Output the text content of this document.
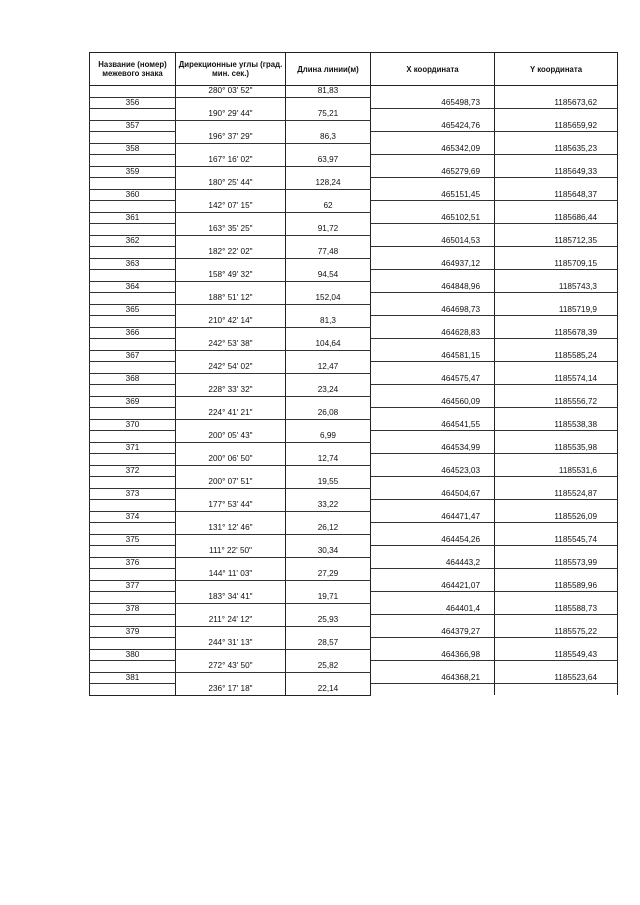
Название (номер) межевого знака	Дирекционные углы (град. мин. сек.)	Длина линии(м)	Х координата	Y координата
	280° 03' 52"	81,83		
356			465498,73	1185673,62
	190° 29' 44"	75,21		
357			465424,76	1185659,92
	196° 37' 29"	86,3		
358			465342,09	1185635,23
	167° 16' 02"	63,97		
359			465279,69	1185649,33
	180° 25' 44"	128,24		
360			465151,45	1185648,37
	142° 07' 15"	62		
361			465102,51	1185686,44
	163° 35' 25"	91,72		
362			465014,53	1185712,35
	182° 22' 02"	77,48		
363			464937,12	1185709,15
	158° 49' 32"	94,54		
364			464848,96	1185743,3
	188° 51' 12"	152,04		
365			464698,73	1185719,9
	210° 42' 14"	81,3		
366			464628,83	1185678,39
	242° 53' 38"	104,64		
367			464581,15	1185585,24
	242° 54' 02"	12,47		
368			464575,47	1185574,14
	228° 33' 32"	23,24		
369			464560,09	1185556,72
	224° 41' 21"	26,08		
370			464541,55	1185538,38
	200° 05' 43"	6,99		
371			464534,99	1185535,98
	200° 06' 50"	12,74		
372			464523,03	1185531,6
	200° 07' 51"	19,55		
373			464504,67	1185524,87
	177° 53' 44"	33,22		
374			464471,47	1185526,09
	131° 12' 46"	26,12		
375			464454,26	1185545,74
	111° 22' 50"	30,34		
376			464443,2	1185573,99
	144° 11' 03"	27,29		
377			464421,07	1185589,96
	183° 34' 41"	19,71		
378			464401,4	1185588,73
	211° 24' 12"	25,93		
379			464379,27	1185575,22
	244° 31' 13"	28,57		
380			464366,98	1185549,43
	272° 43' 50"	25,82		
381			464368,21	1185523,64
	236° 17' 18"	22,14		
